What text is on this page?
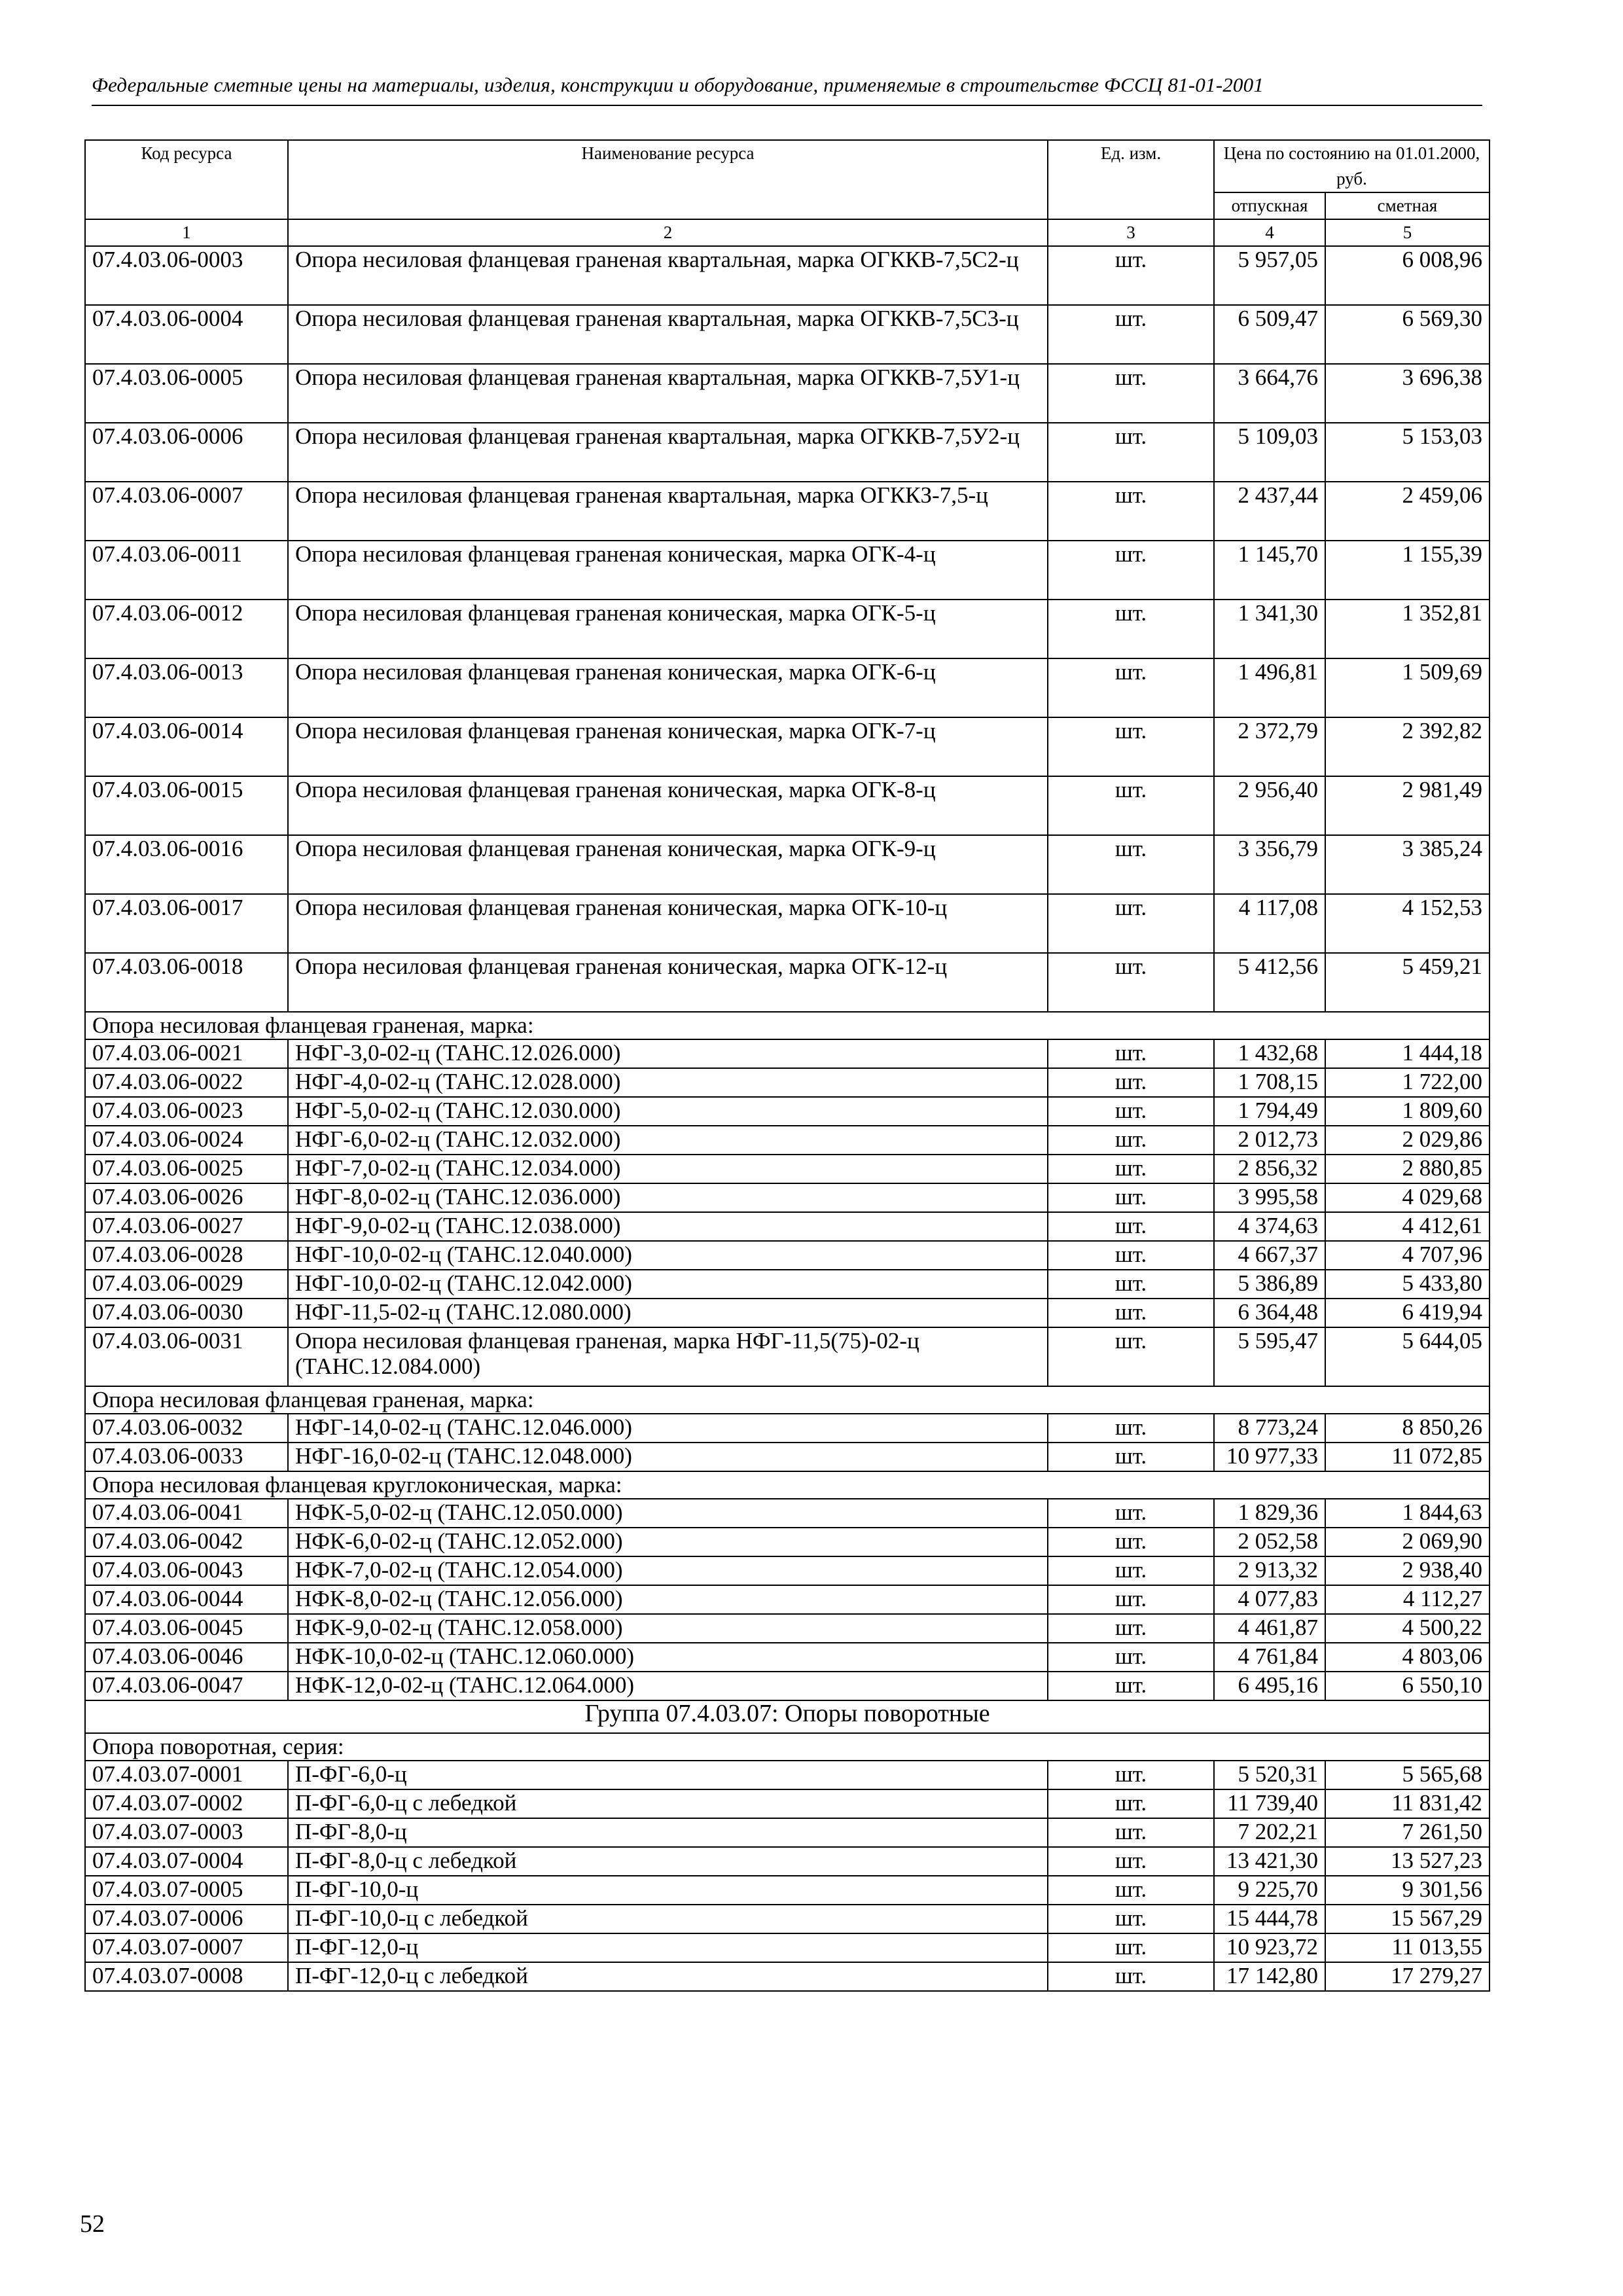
Федеральные сметные цены на материалы, изделия, конструкции и оборудование, применяемые в строительстве ФССЦ 81-01-2001
Код ресурса	Наименование ресурса	Ед. изм.	Цена по состоянию на 01.01.2000, руб.	
			отпускная	сметная
1	2	3	4	5
07.4.03.06-0003	Опора несиловая фланцевая граненая квартальная, марка ОГККВ-7,5С2-ц	шт.	5 957,05	6 008,96
07.4.03.06-0004	Опора несиловая фланцевая граненая квартальная, марка ОГККВ-7,5С3-ц	шт.	6 509,47	6 569,30
07.4.03.06-0005	Опора несиловая фланцевая граненая квартальная, марка ОГККВ-7,5У1-ц	шт.	3 664,76	3 696,38
07.4.03.06-0006	Опора несиловая фланцевая граненая квартальная, марка ОГККВ-7,5У2-ц	шт.	5 109,03	5 153,03
07.4.03.06-0007	Опора несиловая фланцевая граненая квартальная, марка ОГККЗ-7,5-ц	шт.	2 437,44	2 459,06
07.4.03.06-0011	Опора несиловая фланцевая граненая коническая, марка ОГК-4-ц	шт.	1 145,70	1 155,39
07.4.03.06-0012	Опора несиловая фланцевая граненая коническая, марка ОГК-5-ц	шт.	1 341,30	1 352,81
07.4.03.06-0013	Опора несиловая фланцевая граненая коническая, марка ОГК-6-ц	шт.	1 496,81	1 509,69
07.4.03.06-0014	Опора несиловая фланцевая граненая коническая, марка ОГК-7-ц	шт.	2 372,79	2 392,82
07.4.03.06-0015	Опора несиловая фланцевая граненая коническая, марка ОГК-8-ц	шт.	2 956,40	2 981,49
07.4.03.06-0016	Опора несиловая фланцевая граненая коническая, марка ОГК-9-ц	шт.	3 356,79	3 385,24
07.4.03.06-0017	Опора несиловая фланцевая граненая коническая, марка ОГК-10-ц	шт.	4 117,08	4 152,53
07.4.03.06-0018	Опора несиловая фланцевая граненая коническая, марка ОГК-12-ц	шт.	5 412,56	5 459,21
Опора несиловая фланцевая граненая, марка:				
07.4.03.06-0021	НФГ-3,0-02-ц (ТАНС.12.026.000)	шт.	1 432,68	1 444,18
07.4.03.06-0022	НФГ-4,0-02-ц (ТАНС.12.028.000)	шт.	1 708,15	1 722,00
07.4.03.06-0023	НФГ-5,0-02-ц (ТАНС.12.030.000)	шт.	1 794,49	1 809,60
07.4.03.06-0024	НФГ-6,0-02-ц (ТАНС.12.032.000)	шт.	2 012,73	2 029,86
07.4.03.06-0025	НФГ-7,0-02-ц (ТАНС.12.034.000)	шт.	2 856,32	2 880,85
07.4.03.06-0026	НФГ-8,0-02-ц (ТАНС.12.036.000)	шт.	3 995,58	4 029,68
07.4.03.06-0027	НФГ-9,0-02-ц (ТАНС.12.038.000)	шт.	4 374,63	4 412,61
07.4.03.06-0028	НФГ-10,0-02-ц (ТАНС.12.040.000)	шт.	4 667,37	4 707,96
07.4.03.06-0029	НФГ-10,0-02-ц (ТАНС.12.042.000)	шт.	5 386,89	5 433,80
07.4.03.06-0030	НФГ-11,5-02-ц (ТАНС.12.080.000)	шт.	6 364,48	6 419,94
07.4.03.06-0031	Опора несиловая фланцевая граненая, марка НФГ-11,5(75)-02-ц (ТАНС.12.084.000)	шт.	5 595,47	5 644,05
Опора несиловая фланцевая граненая, марка:				
07.4.03.06-0032	НФГ-14,0-02-ц (ТАНС.12.046.000)	шт.	8 773,24	8 850,26
07.4.03.06-0033	НФГ-16,0-02-ц (ТАНС.12.048.000)	шт.	10 977,33	11 072,85
Опора несиловая фланцевая круглоконическая, марка:				
07.4.03.06-0041	НФК-5,0-02-ц (ТАНС.12.050.000)	шт.	1 829,36	1 844,63
07.4.03.06-0042	НФК-6,0-02-ц (ТАНС.12.052.000)	шт.	2 052,58	2 069,90
07.4.03.06-0043	НФК-7,0-02-ц (ТАНС.12.054.000)	шт.	2 913,32	2 938,40
07.4.03.06-0044	НФК-8,0-02-ц (ТАНС.12.056.000)	шт.	4 077,83	4 112,27
07.4.03.06-0045	НФК-9,0-02-ц (ТАНС.12.058.000)	шт.	4 461,87	4 500,22
07.4.03.06-0046	НФК-10,0-02-ц (ТАНС.12.060.000)	шт.	4 761,84	4 803,06
07.4.03.06-0047	НФК-12,0-02-ц (ТАНС.12.064.000)	шт.	6 495,16	6 550,10
Группа 07.4.03.07: Опоры поворотные				
Опора поворотная, серия:				
07.4.03.07-0001	П-ФГ-6,0-ц	шт.	5 520,31	5 565,68
07.4.03.07-0002	П-ФГ-6,0-ц с лебедкой	шт.	11 739,40	11 831,42
07.4.03.07-0003	П-ФГ-8,0-ц	шт.	7 202,21	7 261,50
07.4.03.07-0004	П-ФГ-8,0-ц с лебедкой	шт.	13 421,30	13 527,23
07.4.03.07-0005	П-ФГ-10,0-ц	шт.	9 225,70	9 301,56
07.4.03.07-0006	П-ФГ-10,0-ц с лебедкой	шт.	15 444,78	15 567,29
07.4.03.07-0007	П-ФГ-12,0-ц	шт.	10 923,72	11 013,55
07.4.03.07-0008	П-ФГ-12,0-ц с лебедкой	шт.	17 142,80	17 279,27
52
